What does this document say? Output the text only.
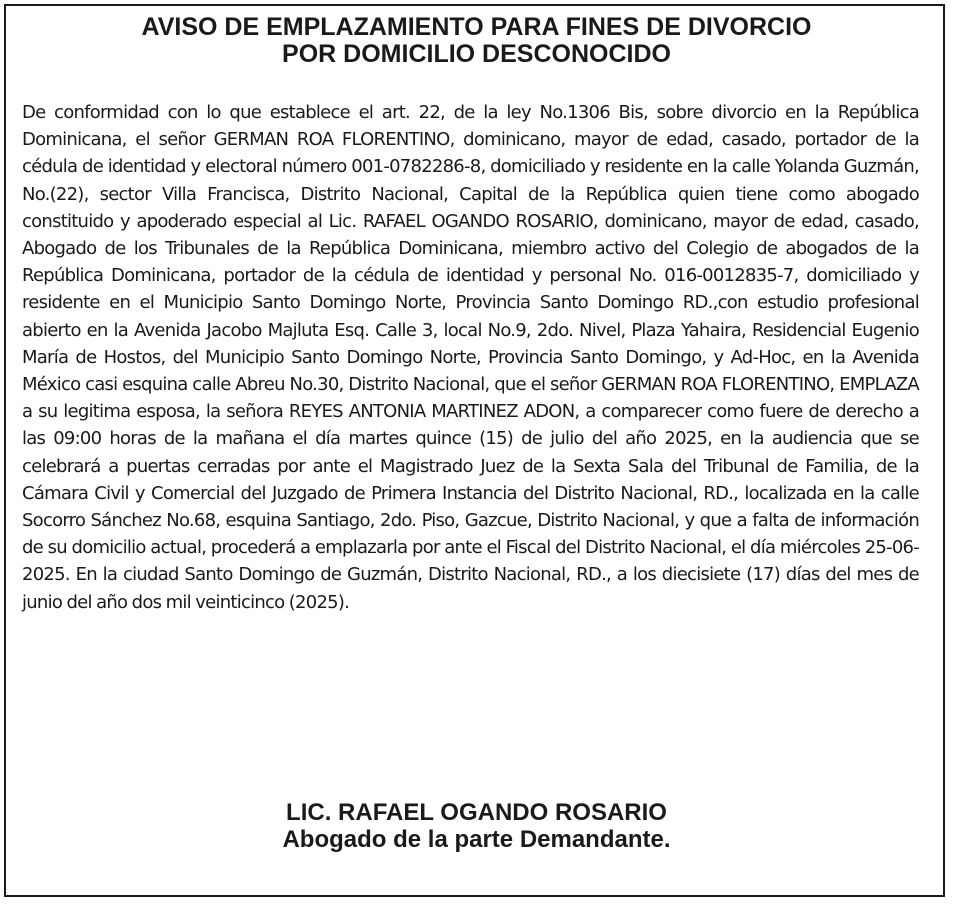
AVISO DE EMPLAZAMIENTO PARA FINES DE DIVORCIO
POR DOMICILIO DESCONOCIDO

De conformidad con lo que establece el art. 22, de la ley No.1306 Bis, sobre divorcio en la República Dominicana, el señor GERMAN ROA FLORENTINO, dominicano, mayor de edad, casado, portador de la cédula de identidad y electoral número 001-0782286-8, domiciliado y residente en la calle Yolanda Guzmán, No.(22), sector Villa Francisca, Distrito Nacional, Capital de la República quien tiene como abogado constituido y apoderado especial al Lic. RAFAEL OGANDO ROSARIO, dominicano, mayor de edad, casado, Abogado de los Tribunales de la República Dominicana, miembro activo del Colegio de abogados de la República Dominicana, portador de la cédula de identidad y personal No. 016-0012835-7, domiciliado y residente en el Municipio Santo Domingo Norte, Provincia Santo Domingo RD.,con estudio profesional abierto en la Avenida Jacobo Majluta Esq. Calle 3, local No.9, 2do. Nivel, Plaza Yahaira, Residencial Eugenio María de Hostos, del Municipio Santo Domingo Norte, Provincia Santo Domingo, y Ad-Hoc, en la Avenida México casi esquina calle Abreu No.30, Distrito Nacional, que el señor GERMAN ROA FLORENTINO, EMPLAZA a su legitima esposa, la señora REYES ANTONIA MARTINEZ ADON, a comparecer como fuere de derecho a las 09:00 horas de la mañana el día martes quince (15) de julio del año 2025, en la audiencia que se celebrará a puertas cerradas por ante el Magistrado Juez de la Sexta Sala del Tribunal de Familia, de la Cámara Civil y Comercial del Juzgado de Primera Instancia del Distrito Nacional, RD., localizada en la calle Socorro Sánchez No.68, esquina Santiago, 2do. Piso, Gazcue, Distrito Nacional, y que a falta de información de su domicilio actual, procederá a emplazarla por ante el Fiscal del Distrito Nacional, el día miércoles 25-06-2025. En la ciudad Santo Domingo de Guzmán, Distrito Nacional, RD., a los diecisiete (17) días del mes de junio del año dos mil veinticinco (2025).

LIC. RAFAEL OGANDO ROSARIO
Abogado de la parte Demandante.
